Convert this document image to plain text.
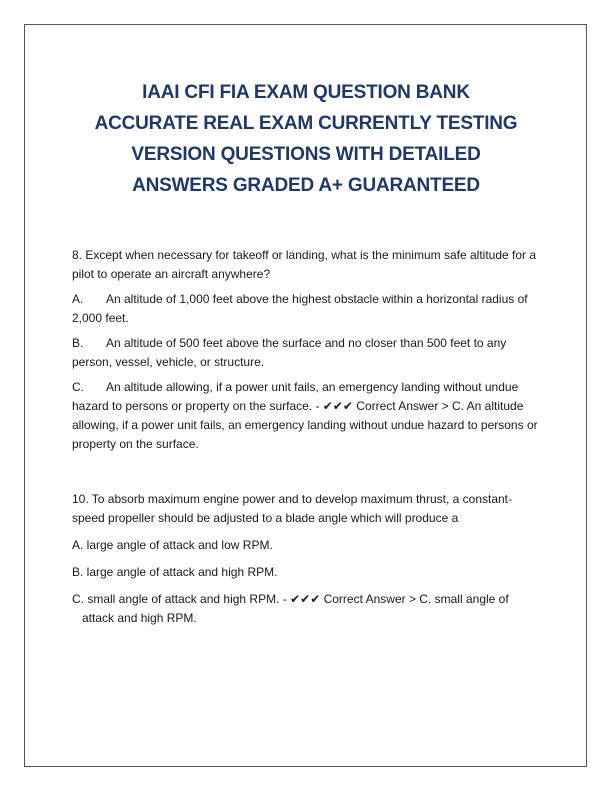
IAAI CFI FIA EXAM QUESTION BANK
ACCURATE REAL EXAM CURRENTLY TESTING
VERSION QUESTIONS WITH DETAILED
ANSWERS GRADED A+ GUARANTEED

8. Except when necessary for takeoff or landing, what is the minimum safe altitude for a pilot to operate an aircraft anywhere?

A. An altitude of 1,000 feet above the highest obstacle within a horizontal radius of 2,000 feet.

B. An altitude of 500 feet above the surface and no closer than 500 feet to any person, vessel, vehicle, or structure.

C. An altitude allowing, if a power unit fails, an emergency landing without undue hazard to persons or property on the surface. - ✔✔✔ Correct Answer > C. An altitude allowing, if a power unit fails, an emergency landing without undue hazard to persons or property on the surface.

10. To absorb maximum engine power and to develop maximum thrust, a constant-speed propeller should be adjusted to a blade angle which will produce a

A. large angle of attack and low RPM.

B. large angle of attack and high RPM.

C. small angle of attack and high RPM. - ✔✔✔ Correct Answer > C. small angle of attack and high RPM.
